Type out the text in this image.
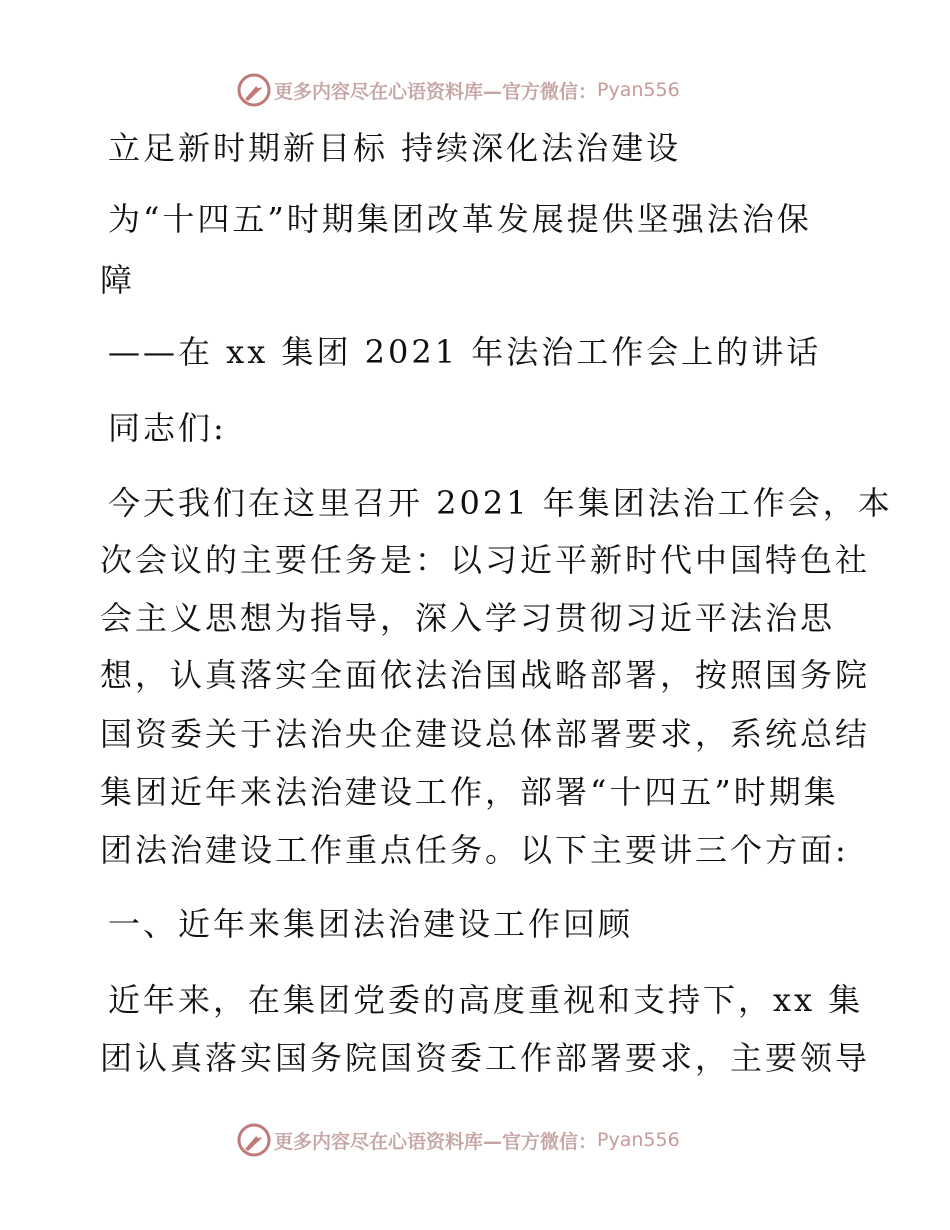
更多内容尽在心语资料库—官方微信： Pyan556
立足新时期新目标 持续深化法治建设
为“十四五”时期集团改革发展提供坚强法治保
障
——在 xx 集团 2021 年法治工作会上的讲话
同志们:
今天我们在这里召开 2021 年集团法治工作会，本
次会议的主要任务是：以习近平新时代中国特色社
会主义思想为指导，深入学习贯彻习近平法治思
想，认真落实全面依法治国战略部署，按照国务院
国资委关于法治央企建设总体部署要求，系统总结
集团近年来法治建设工作，部署“十四五”时期集
团法治建设工作重点任务。以下主要讲三个方面:
一、近年来集团法治建设工作回顾
近年来，在集团党委的高度重视和支持下，xx 集
团认真落实国务院国资委工作部署要求，主要领导
更多内容尽在心语资料库—官方微信： Pyan556
